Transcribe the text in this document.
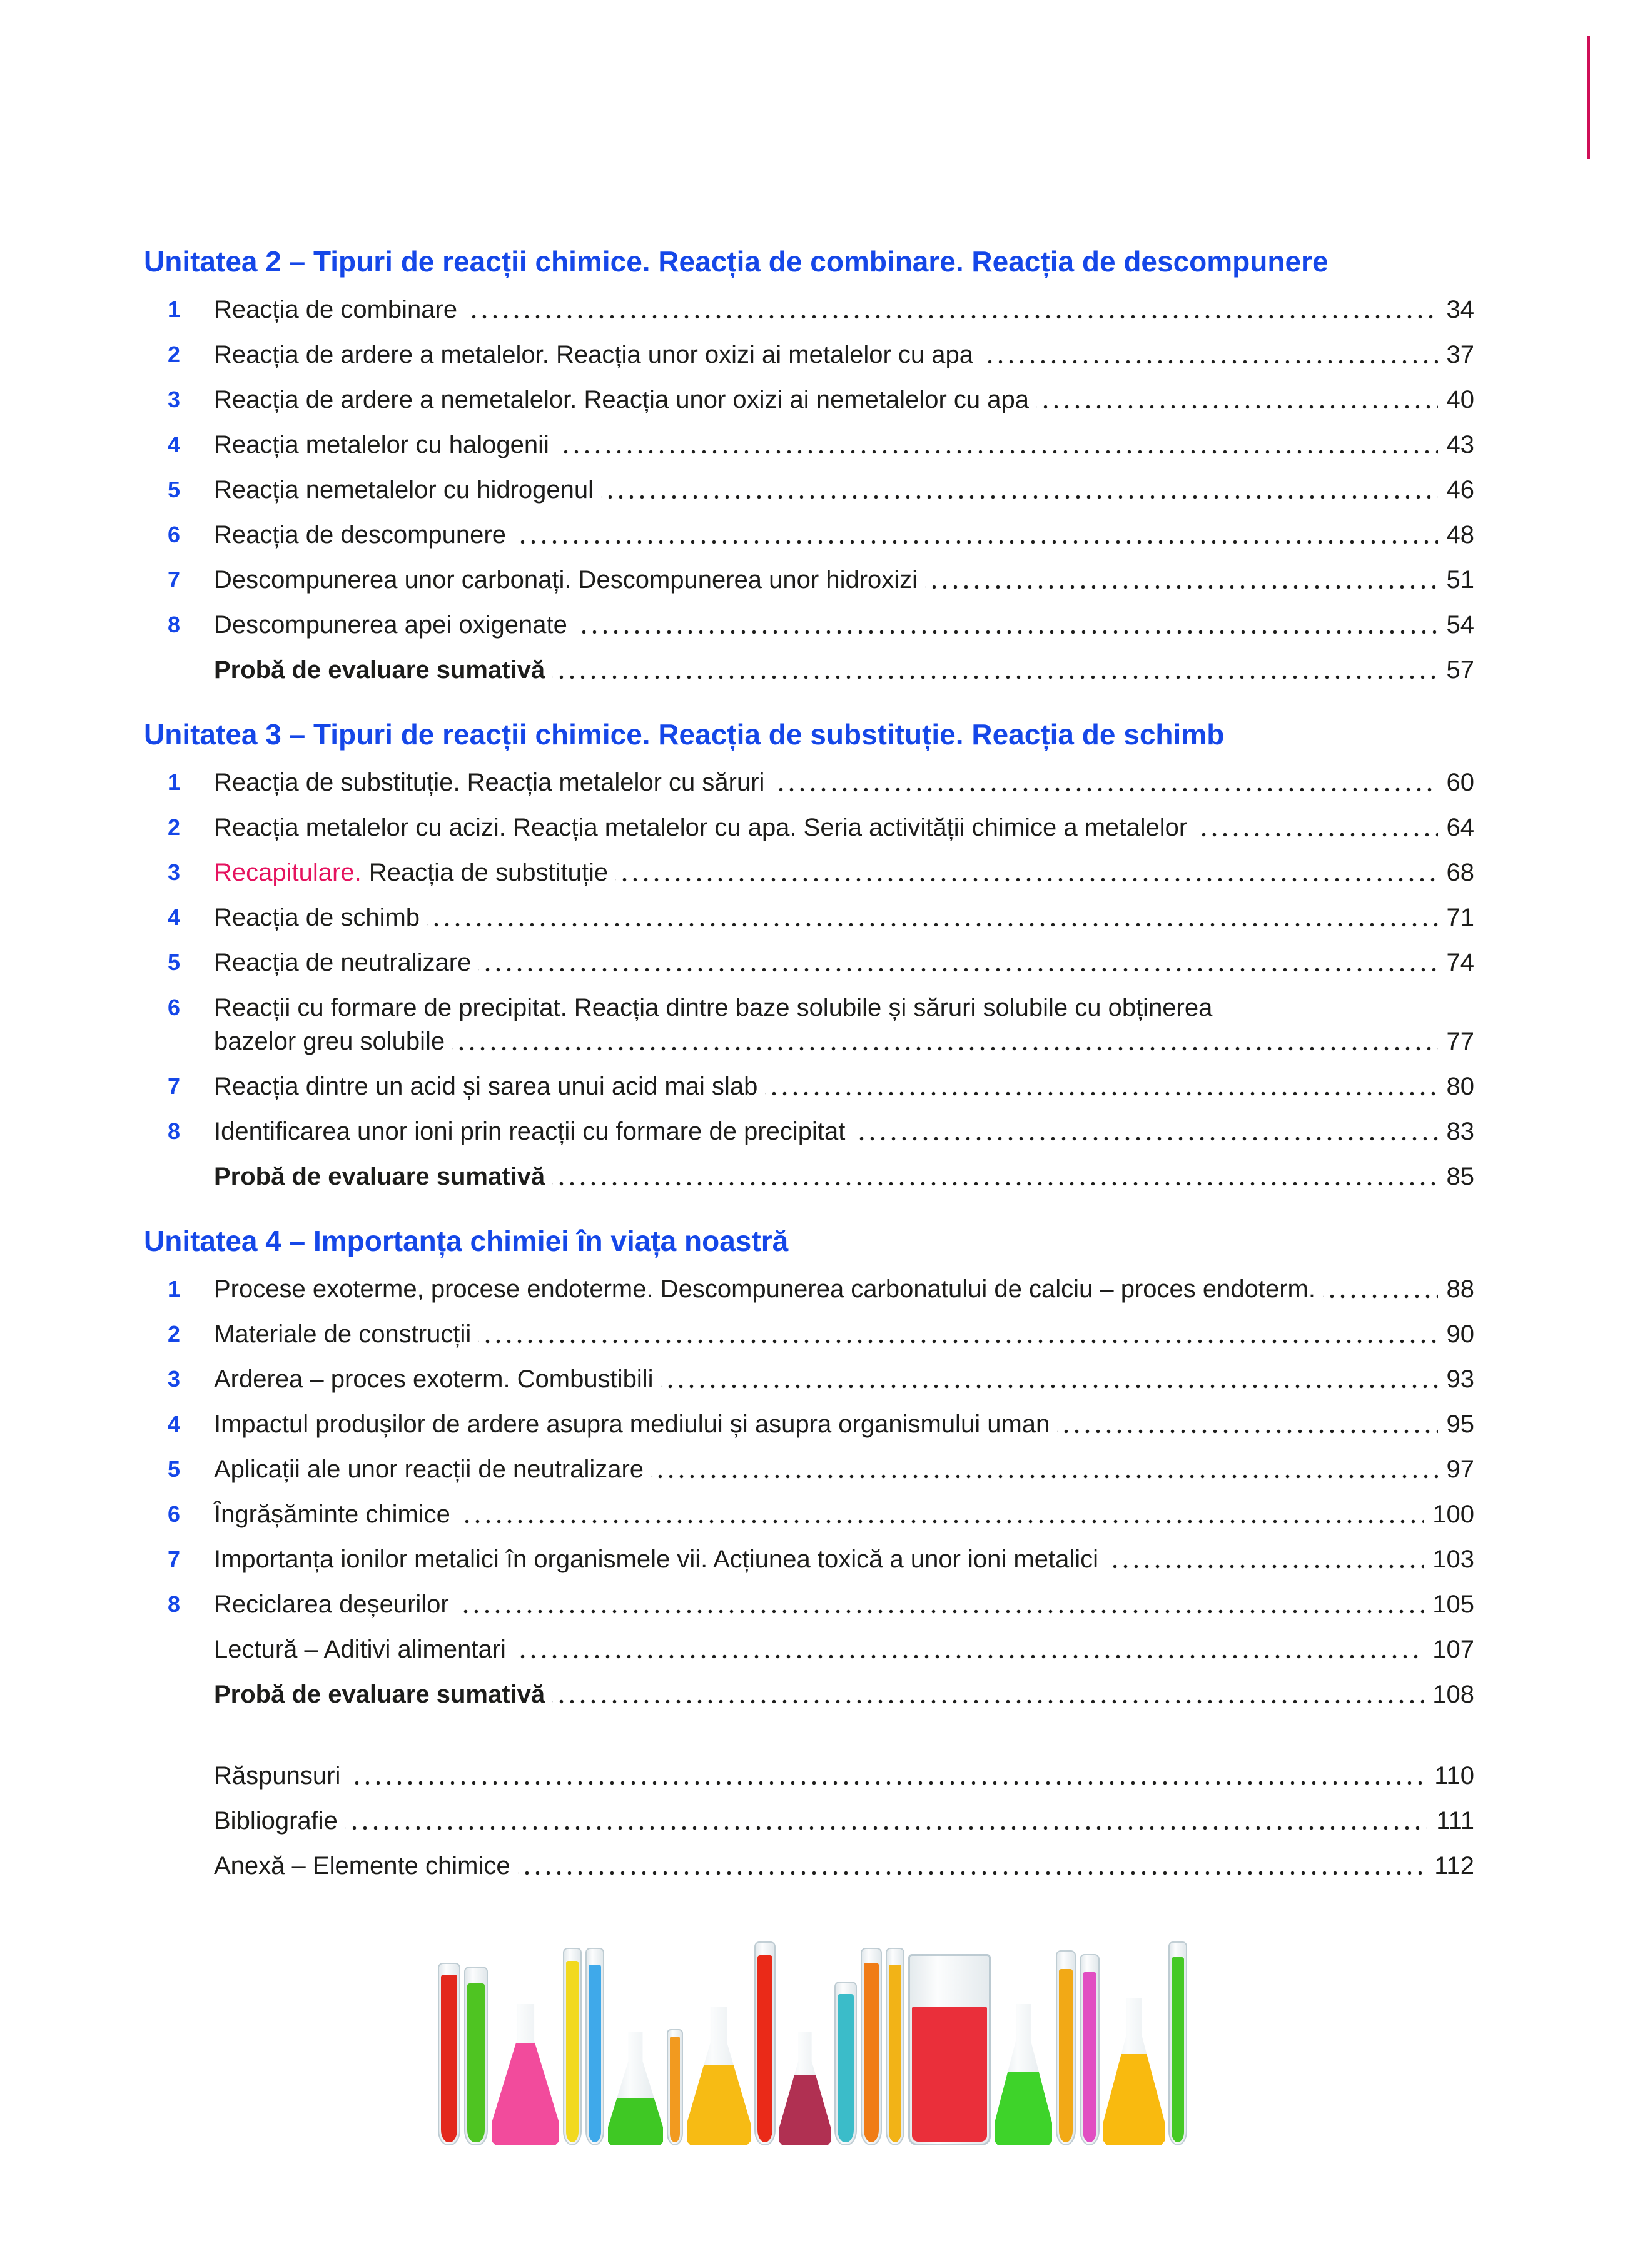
Unitatea 2 – Tipuri de reacții chimice. Reacția de combinare. Reacția de descompunere
1	Reacția de combinare	34
2	Reacția de ardere a metalelor. Reacția unor oxizi ai metalelor cu apa	37
3	Reacția de ardere a nemetalelor. Reacția unor oxizi ai nemetalelor cu apa	40
4	Reacția metalelor cu halogenii	43
5	Reacția nemetalelor cu hidrogenul	46
6	Reacția de descompunere	48
7	Descompunerea unor carbonați. Descompunerea unor hidroxizi	51
8	Descompunerea apei oxigenate	54
Probă de evaluare sumativă	57
Unitatea 3 – Tipuri de reacții chimice. Reacția de substituție. Reacția de schimb
1	Reacția de substituție. Reacția metalelor cu săruri	60
2	Reacția metalelor cu acizi. Reacția metalelor cu apa. Seria activității chimice a metalelor	64
3	Recapitulare. Reacția de substituție	68
4	Reacția de schimb	71
5	Reacția de neutralizare	74
6	Reacții cu formare de precipitat. Reacția dintre baze solubile și săruri solubile cu obținerea
bazelor greu solubile	77
7	Reacția dintre un acid și sarea unui acid mai slab	80
8	Identificarea unor ioni prin reacții cu formare de precipitat	83
Probă de evaluare sumativă	85
Unitatea 4 – Importanța chimiei în viața noastră
1	Procese exoterme, procese endoterme. Descompunerea carbonatului de calciu – proces endoterm.	88
2	Materiale de construcții	90
3	Arderea – proces exoterm. Combustibili	93
4	Impactul produșilor de ardere asupra mediului și asupra organismului uman	95
5	Aplicații ale unor reacții de neutralizare	97
6	Îngrășăminte chimice	100
7	Importanța ionilor metalici în organismele vii. Acțiunea toxică a unor ioni metalici	103
8	Reciclarea deșeurilor	105
Lectură – Aditivi alimentari	107
Probă de evaluare sumativă	108
Răspunsuri	110
Bibliografie	111
Anexă – Elemente chimice	112
